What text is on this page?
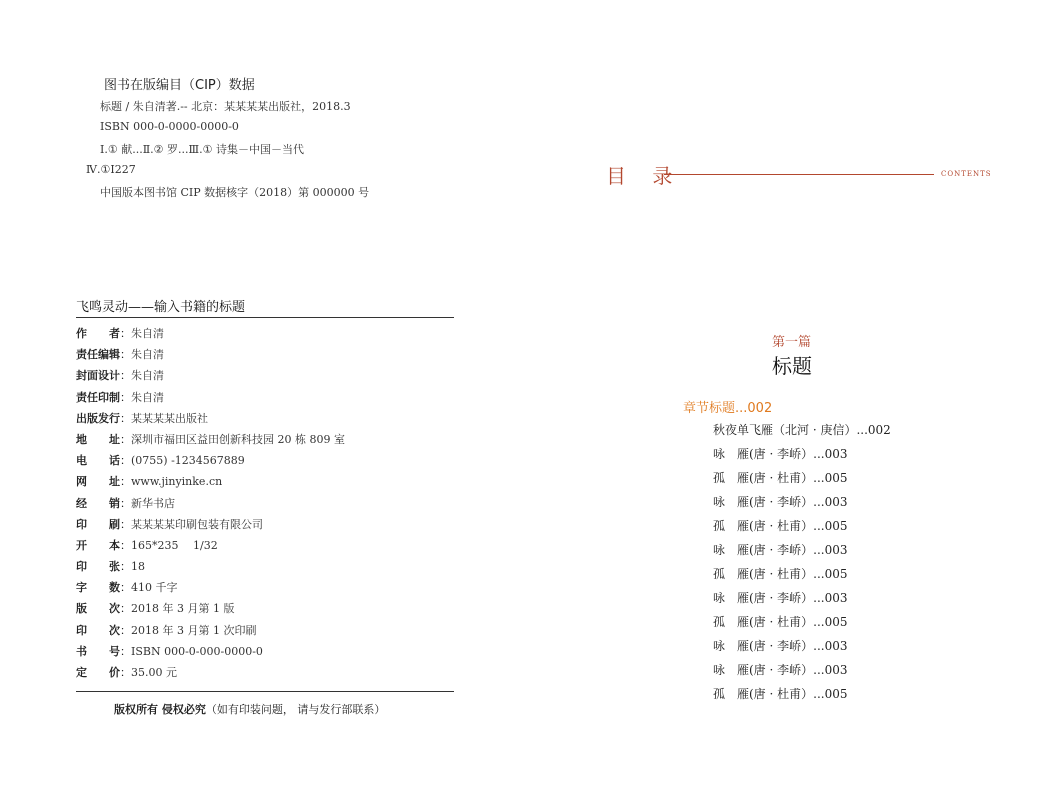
图书在版编目（CIP）数据
标题 / 朱自清著.-- 北京：某某某某出版社，2018.3
ISBN 000-0-0000-0000-0
Ⅰ.① 献...Ⅱ.② 罗...Ⅲ.① 诗集－中国－当代
Ⅳ.①I227
中国版本图书馆 CIP 数据核字（2018）第 000000 号
飞鸣灵动——输入书籍的标题
作　　者：朱自清
责任编辑：朱自清
封面设计：朱自清
责任印制：朱自清
出版发行：某某某某出版社
地　　址：深圳市福田区益田创新科技园 20 栋 809 室
电　　话：(0755) -1234567889
网　　址：www.jinyinke.cn
经　　销：新华书店
印　　刷：某某某某印刷包装有限公司
开　　本：165*235　 1/32
印　　张：18
字　　数：410 千字
版　　次：2018 年 3 月第 1 版
印　　次：2018 年 3 月第 1 次印刷
书　　号：ISBN 000-0-000-0000-0
定　　价：35.00 元
版权所有 侵权必究（如有印装问题， 请与发行部联系）
目 录	CONTENTS
第一篇
标题
章节标题...002
秋夜单飞雁（北河 · 庚信）...002
咏　雁(唐 · 李峤）...003
孤　雁(唐 · 杜甫）...005
咏　雁(唐 · 李峤）...003
孤　雁(唐 · 杜甫）...005
咏　雁(唐 · 李峤）...003
孤　雁(唐 · 杜甫）...005
咏　雁(唐 · 李峤）...003
孤　雁(唐 · 杜甫）...005
咏　雁(唐 · 李峤）...003
咏　雁(唐 · 李峤）...003
孤　雁(唐 · 杜甫）...005
